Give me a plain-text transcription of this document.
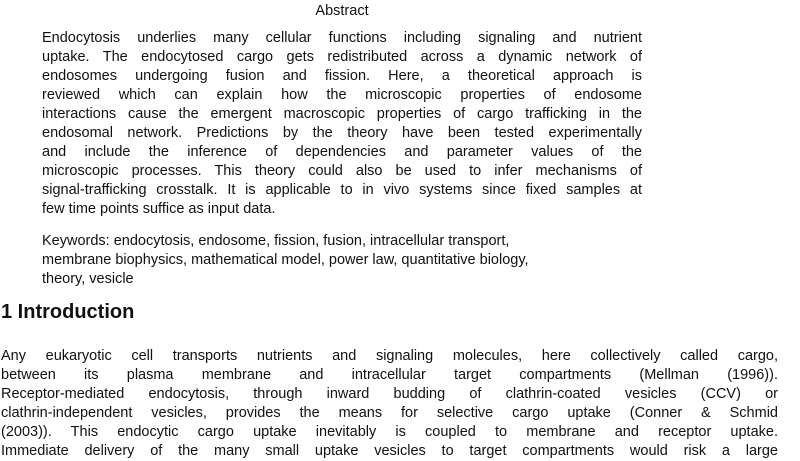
Abstract
Endocytosis underlies many cellular functions including signaling and nutrient
uptake. The endocytosed cargo gets redistributed across a dynamic network of
endosomes undergoing fusion and fission. Here, a theoretical approach is
reviewed which can explain how the microscopic properties of endosome
interactions cause the emergent macroscopic properties of cargo trafficking in the
endosomal network. Predictions by the theory have been tested experimentally
and include the inference of dependencies and parameter values of the
microscopic processes. This theory could also be used to infer mechanisms of
signal-trafficking crosstalk. It is applicable to in vivo systems since fixed samples at
few time points suffice as input data.
Keywords: endocytosis, endosome, fission, fusion, intracellular transport,
membrane biophysics, mathematical model, power law, quantitative biology,
theory, vesicle
1 Introduction
Any eukaryotic cell transports nutrients and signaling molecules, here collectively called cargo,
between its plasma membrane and intracellular target compartments (Mellman (1996)).
Receptor-mediated endocytosis, through inward budding of clathrin-coated vesicles (CCV) or
clathrin-independent vesicles, provides the means for selective cargo uptake (Conner & Schmid
(2003)). This endocytic cargo uptake inevitably is coupled to membrane and receptor uptake.
Immediate delivery of the many small uptake vesicles to target compartments would risk a large
